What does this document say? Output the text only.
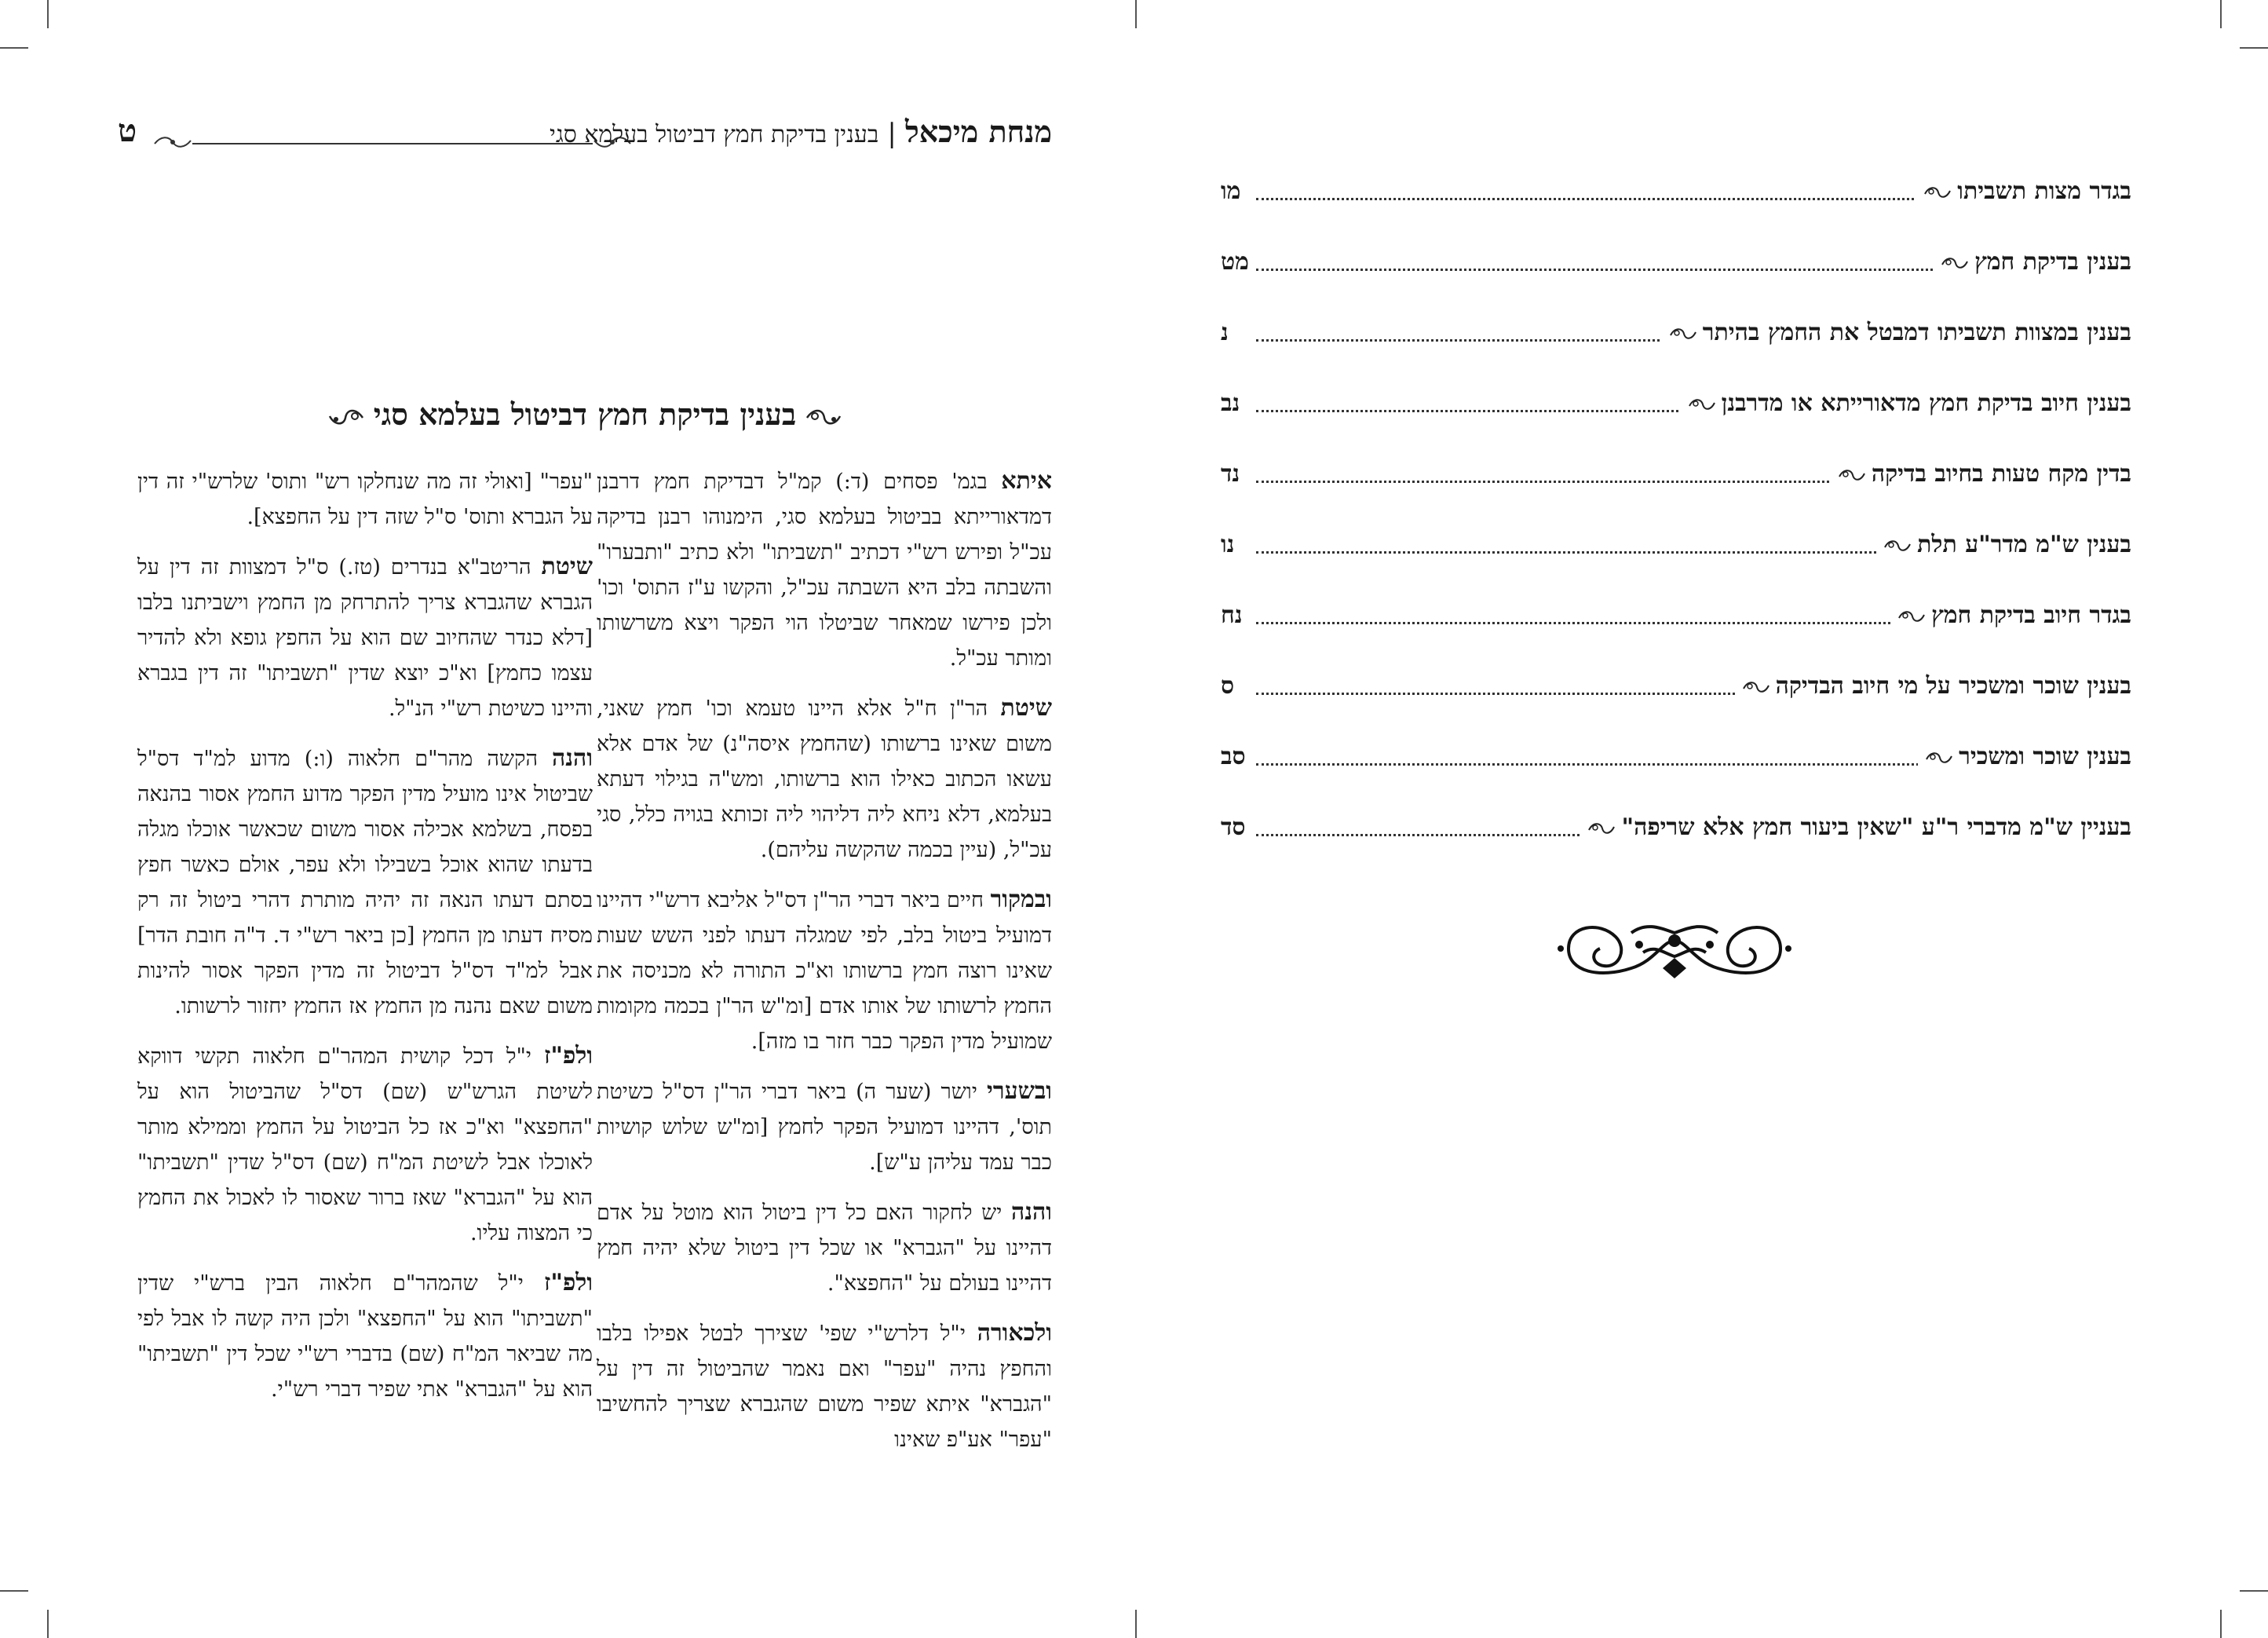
ט	מנחת מיכאל | בענין בדיקת חמץ דביטול בעלמא סגי
בענין בדיקת חמץ דביטול בעלמא סגי

איתא בגמ' פסחים (ד:) קמ"ל דבדיקת חמץ דרבנן דמדאורייתא בביטול בעלמא סגי, הימנוהו רבנן בדיקה עכ"ל ופירש רש"י דכתיב "תשביתו" ולא כתיב "ותבערו" והשבתה בלב היא השבתה עכ"ל, והקשו ע"ז התוס' וכו' ולכן פירשו שמאחר שביטלו הוי הפקר ויצא משרשותו ומותר עכ"ל.

שיטת הר"ן ח"ל אלא היינו טעמא וכו' חמץ שאני, משום שאינו ברשותו (שהחמץ איסה"נ) של אדם אלא עשאו הכתוב כאילו הוא ברשותו, ומש"ה בגילוי דעתא בעלמא, דלא ניחא ליה דליהוי ליה זכותא בגויה כלל, סגי עכ"ל, (עיין בכמה שהקשה עליהם).

ובמקור חיים ביאר דברי הר"ן דס"ל אליבא דרש"י דהיינו דמועיל ביטול בלב, לפי שמגלה דעתו לפני השש שעות שאינו רוצה חמץ ברשותו וא"כ התורה לא מכניסה את החמץ לרשותו של אותו אדם [ומ"ש הר"ן בכמה מקומות שמועיל מדין הפקר כבר חזר בו מזה].

ובשערי יושר (שער ה) ביאר דברי הר"ן דס"ל כשיטת תוס', דהיינו דמועיל הפקר לחמץ [ומ"ש שלוש קושיות כבר עמד עליהן ע"ש].

והנה יש לחקור האם כל דין ביטול הוא מוטל על אדם דהיינו על "הגברא" או שכל דין ביטול שלא יהיה חמץ דהיינו בעולם על "החפצא".

ולכאורה י"ל דלרש"י שפי' שצירך לבטל אפילו בלבו והחפץ נהיה "עפר" ואם נאמר שהביטול זה דין על "הגברא" איתא שפיר משום שהגברא שצריך להחשיבו "עפר" אע"פ שאינו

"עפר" [ואולי זה מה שנחלקו רש" ותוס' שלרש"י זה דין על הגברא ותוס' ס"ל שזה דין על החפצא].

שיטת הריטב"א בנדרים (טז.) ס"ל דמצוות זה דין על הגברא שהגברא צריך להתרחק מן החמץ וישביתנו בלבו [דלא כנדר שהחיוב שם הוא על החפץ גופא ולא להדיר עצמו כחמץ] וא"כ יוצא שדין "תשביתו" זה דין בגברא והיינו כשיטת רש"י הנ"ל.

והנה הקשה מהר"ם חלאוה (ו:) מדוע למ"ד דס"ל שביטול אינו מועיל מדין הפקר מדוע החמץ אסור בהנאה בפסח, בשלמא אכילה אסור משום שכאשר אוכלו מגלה בדעתו שהוא אוכל בשבילו ולא עפר, אולם כאשר חפץ בסתם דעתו הנאה זה יהיה מותרת דהרי ביטול זה רק מסיח דעתו מן החמץ [כן ביאר רש"י ד. ד"ה חובת הדר] אבל למ"ד דס"ל דביטול זה מדין הפקר אסור להינות משום שאם נהנה מן החמץ אז החמץ יחזור לרשותו.

ולפ"ז י"ל דכל קושית המהר"ם חלאוה תקשי דווקא לשיטת הגרש"ש (שם) דס"ל שהביטול הוא על "החפצא" וא"כ אז כל הביטול על החמץ וממילא מותר לאוכלו אבל לשיטת המ"ח (שם) דס"ל שדין "תשביתו" הוא על "הגברא" שאז ברור שאסור לו לאכול את החמץ כי המצוה עליו.

ולפ"ז י"ל שהמהר"ם חלאוה הבין ברש"י שדין "תשביתו" הוא על "החפצא" ולכן היה קשה לו אבל לפי מה שביאר המ"ח (שם) בדברי רש"י שכל דין "תשביתו" הוא על "הגברא" אתי שפיר דברי רש"י.

בגדר מצות תשביתו
מו
בענין בדיקת חמץ
מט
בענין במצוות תשביתו דמבטל את החמץ בהיתר
נ
בענין חיוב בדיקת חמץ מדאורייתא או מדרבנן
נב
בדין מקח טעות בחיוב בדיקה
נד
בענין ש"מ מדר"ע תלת
נו
בגדר חיוב בדיקת חמץ
נח
בענין שוכר ומשכיר על מי חיוב הבדיקה
ס
בענין שוכר ומשכיר
סב
בעניין ש"מ מדברי ר"ע "שאין ביעור חמץ אלא שריפה"
סד
